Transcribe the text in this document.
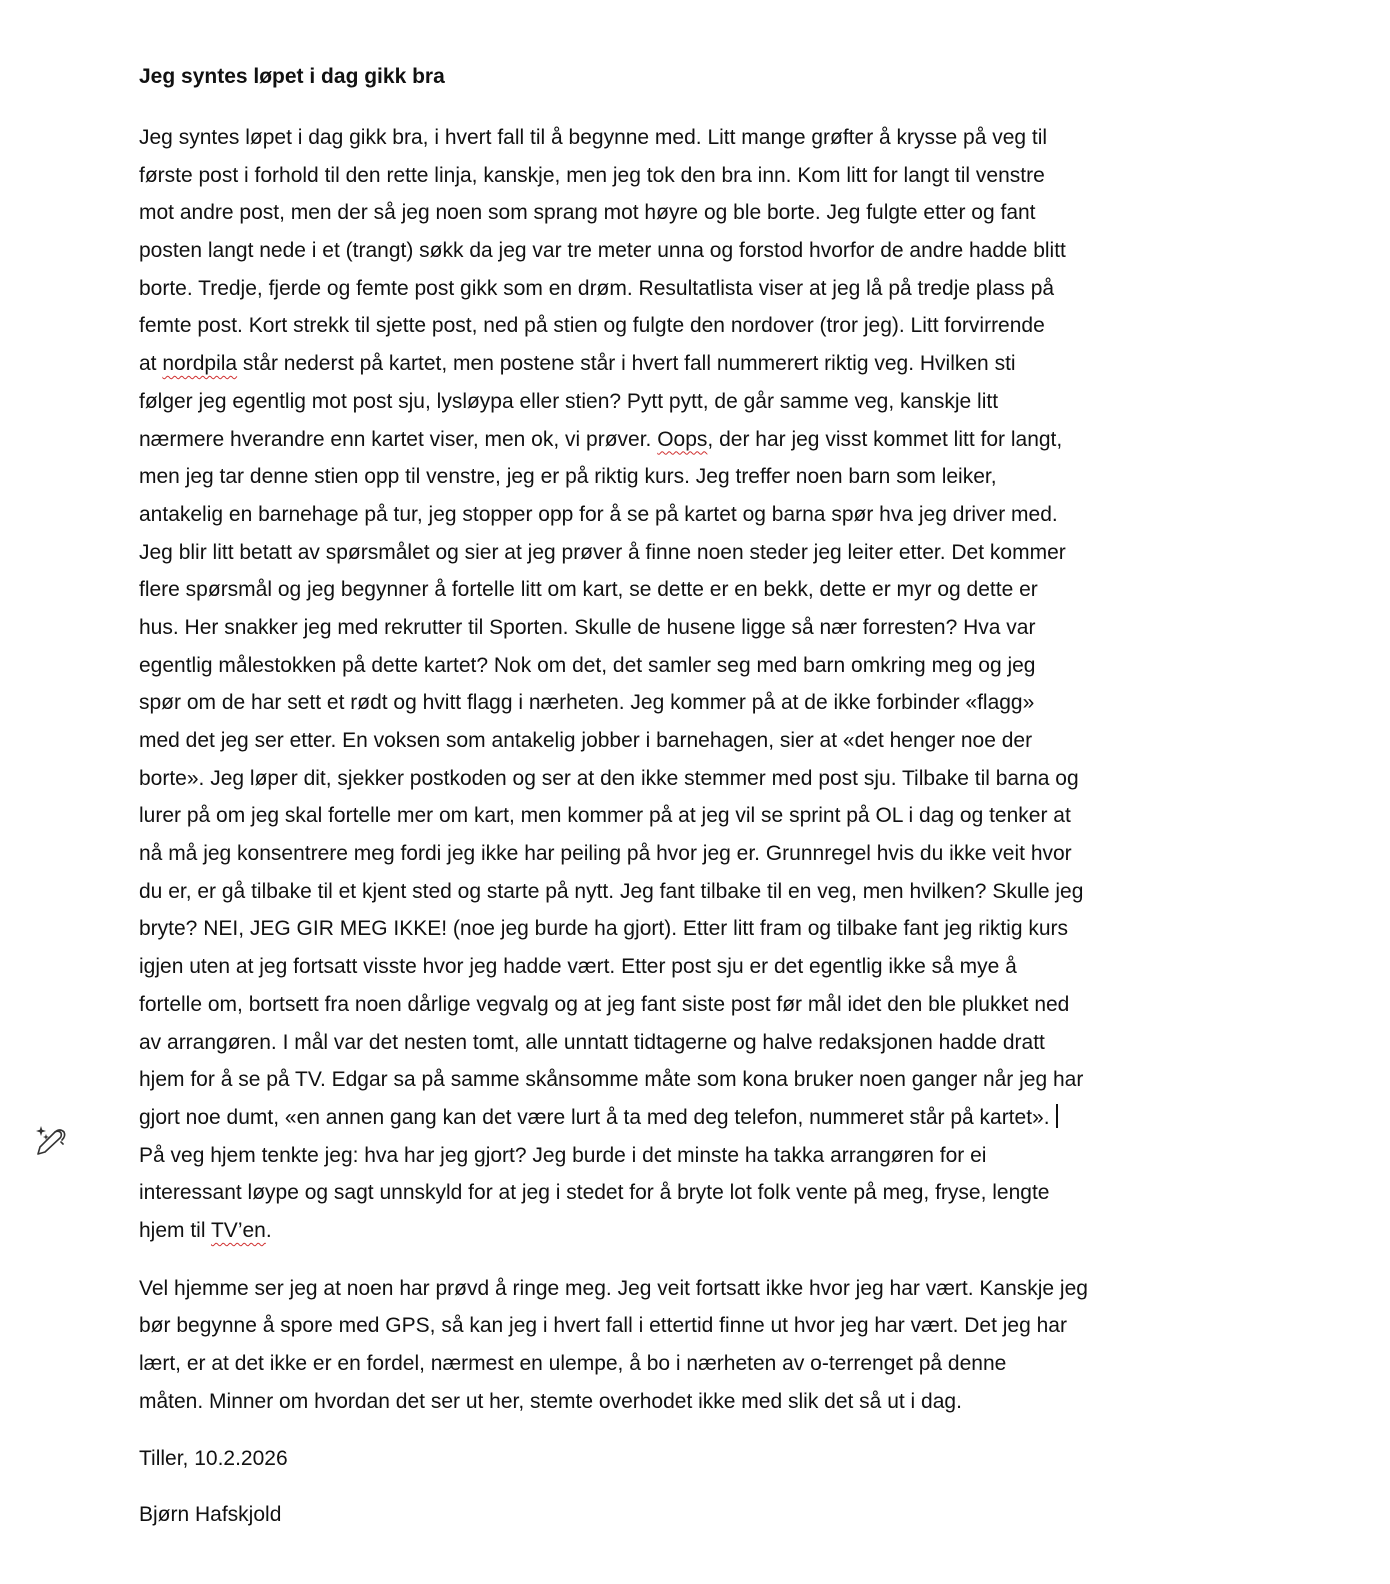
Jeg syntes løpet i dag gikk bra
Jeg syntes løpet i dag gikk bra, i hvert fall til å begynne med. Litt mange grøfter å krysse på veg til
første post i forhold til den rette linja, kanskje, men jeg tok den bra inn. Kom litt for langt til venstre
mot andre post, men der så jeg noen som sprang mot høyre og ble borte. Jeg fulgte etter og fant
posten langt nede i et (trangt) søkk da jeg var tre meter unna og forstod hvorfor de andre hadde blitt
borte. Tredje, fjerde og femte post gikk som en drøm. Resultatlista viser at jeg lå på tredje plass på
femte post. Kort strekk til sjette post, ned på stien og fulgte den nordover (tror jeg). Litt forvirrende
at nordpila står nederst på kartet, men postene står i hvert fall nummerert riktig veg. Hvilken sti
følger jeg egentlig mot post sju, lysløypa eller stien? Pytt pytt, de går samme veg, kanskje litt
nærmere hverandre enn kartet viser, men ok, vi prøver. Oops, der har jeg visst kommet litt for langt,
men jeg tar denne stien opp til venstre, jeg er på riktig kurs. Jeg treffer noen barn som leiker,
antakelig en barnehage på tur, jeg stopper opp for å se på kartet og barna spør hva jeg driver med.
Jeg blir litt betatt av spørsmålet og sier at jeg prøver å finne noen steder jeg leiter etter. Det kommer
flere spørsmål og jeg begynner å fortelle litt om kart, se dette er en bekk, dette er myr og dette er
hus. Her snakker jeg med rekrutter til Sporten. Skulle de husene ligge så nær forresten? Hva var
egentlig målestokken på dette kartet? Nok om det, det samler seg med barn omkring meg og jeg
spør om de har sett et rødt og hvitt flagg i nærheten. Jeg kommer på at de ikke forbinder «flagg»
med det jeg ser etter. En voksen som antakelig jobber i barnehagen, sier at «det henger noe der
borte». Jeg løper dit, sjekker postkoden og ser at den ikke stemmer med post sju. Tilbake til barna og
lurer på om jeg skal fortelle mer om kart, men kommer på at jeg vil se sprint på OL i dag og tenker at
nå må jeg konsentrere meg fordi jeg ikke har peiling på hvor jeg er. Grunnregel hvis du ikke veit hvor
du er, er gå tilbake til et kjent sted og starte på nytt. Jeg fant tilbake til en veg, men hvilken? Skulle jeg
bryte? NEI, JEG GIR MEG IKKE! (noe jeg burde ha gjort). Etter litt fram og tilbake fant jeg riktig kurs
igjen uten at jeg fortsatt visste hvor jeg hadde vært. Etter post sju er det egentlig ikke så mye å
fortelle om, bortsett fra noen dårlige vegvalg og at jeg fant siste post før mål idet den ble plukket ned
av arrangøren. I mål var det nesten tomt, alle unntatt tidtagerne og halve redaksjonen hadde dratt
hjem for å se på TV. Edgar sa på samme skånsomme måte som kona bruker noen ganger når jeg har
gjort noe dumt, «en annen gang kan det være lurt å ta med deg telefon, nummeret står på kartet».
På veg hjem tenkte jeg: hva har jeg gjort? Jeg burde i det minste ha takka arrangøren for ei
interessant løype og sagt unnskyld for at jeg i stedet for å bryte lot folk vente på meg, fryse, lengte
hjem til TV’en.
Vel hjemme ser jeg at noen har prøvd å ringe meg. Jeg veit fortsatt ikke hvor jeg har vært. Kanskje jeg
bør begynne å spore med GPS, så kan jeg i hvert fall i ettertid finne ut hvor jeg har vært. Det jeg har
lært, er at det ikke er en fordel, nærmest en ulempe, å bo i nærheten av o-terrenget på denne
måten. Minner om hvordan det ser ut her, stemte overhodet ikke med slik det så ut i dag.
Tiller, 10.2.2026
Bjørn Hafskjold
